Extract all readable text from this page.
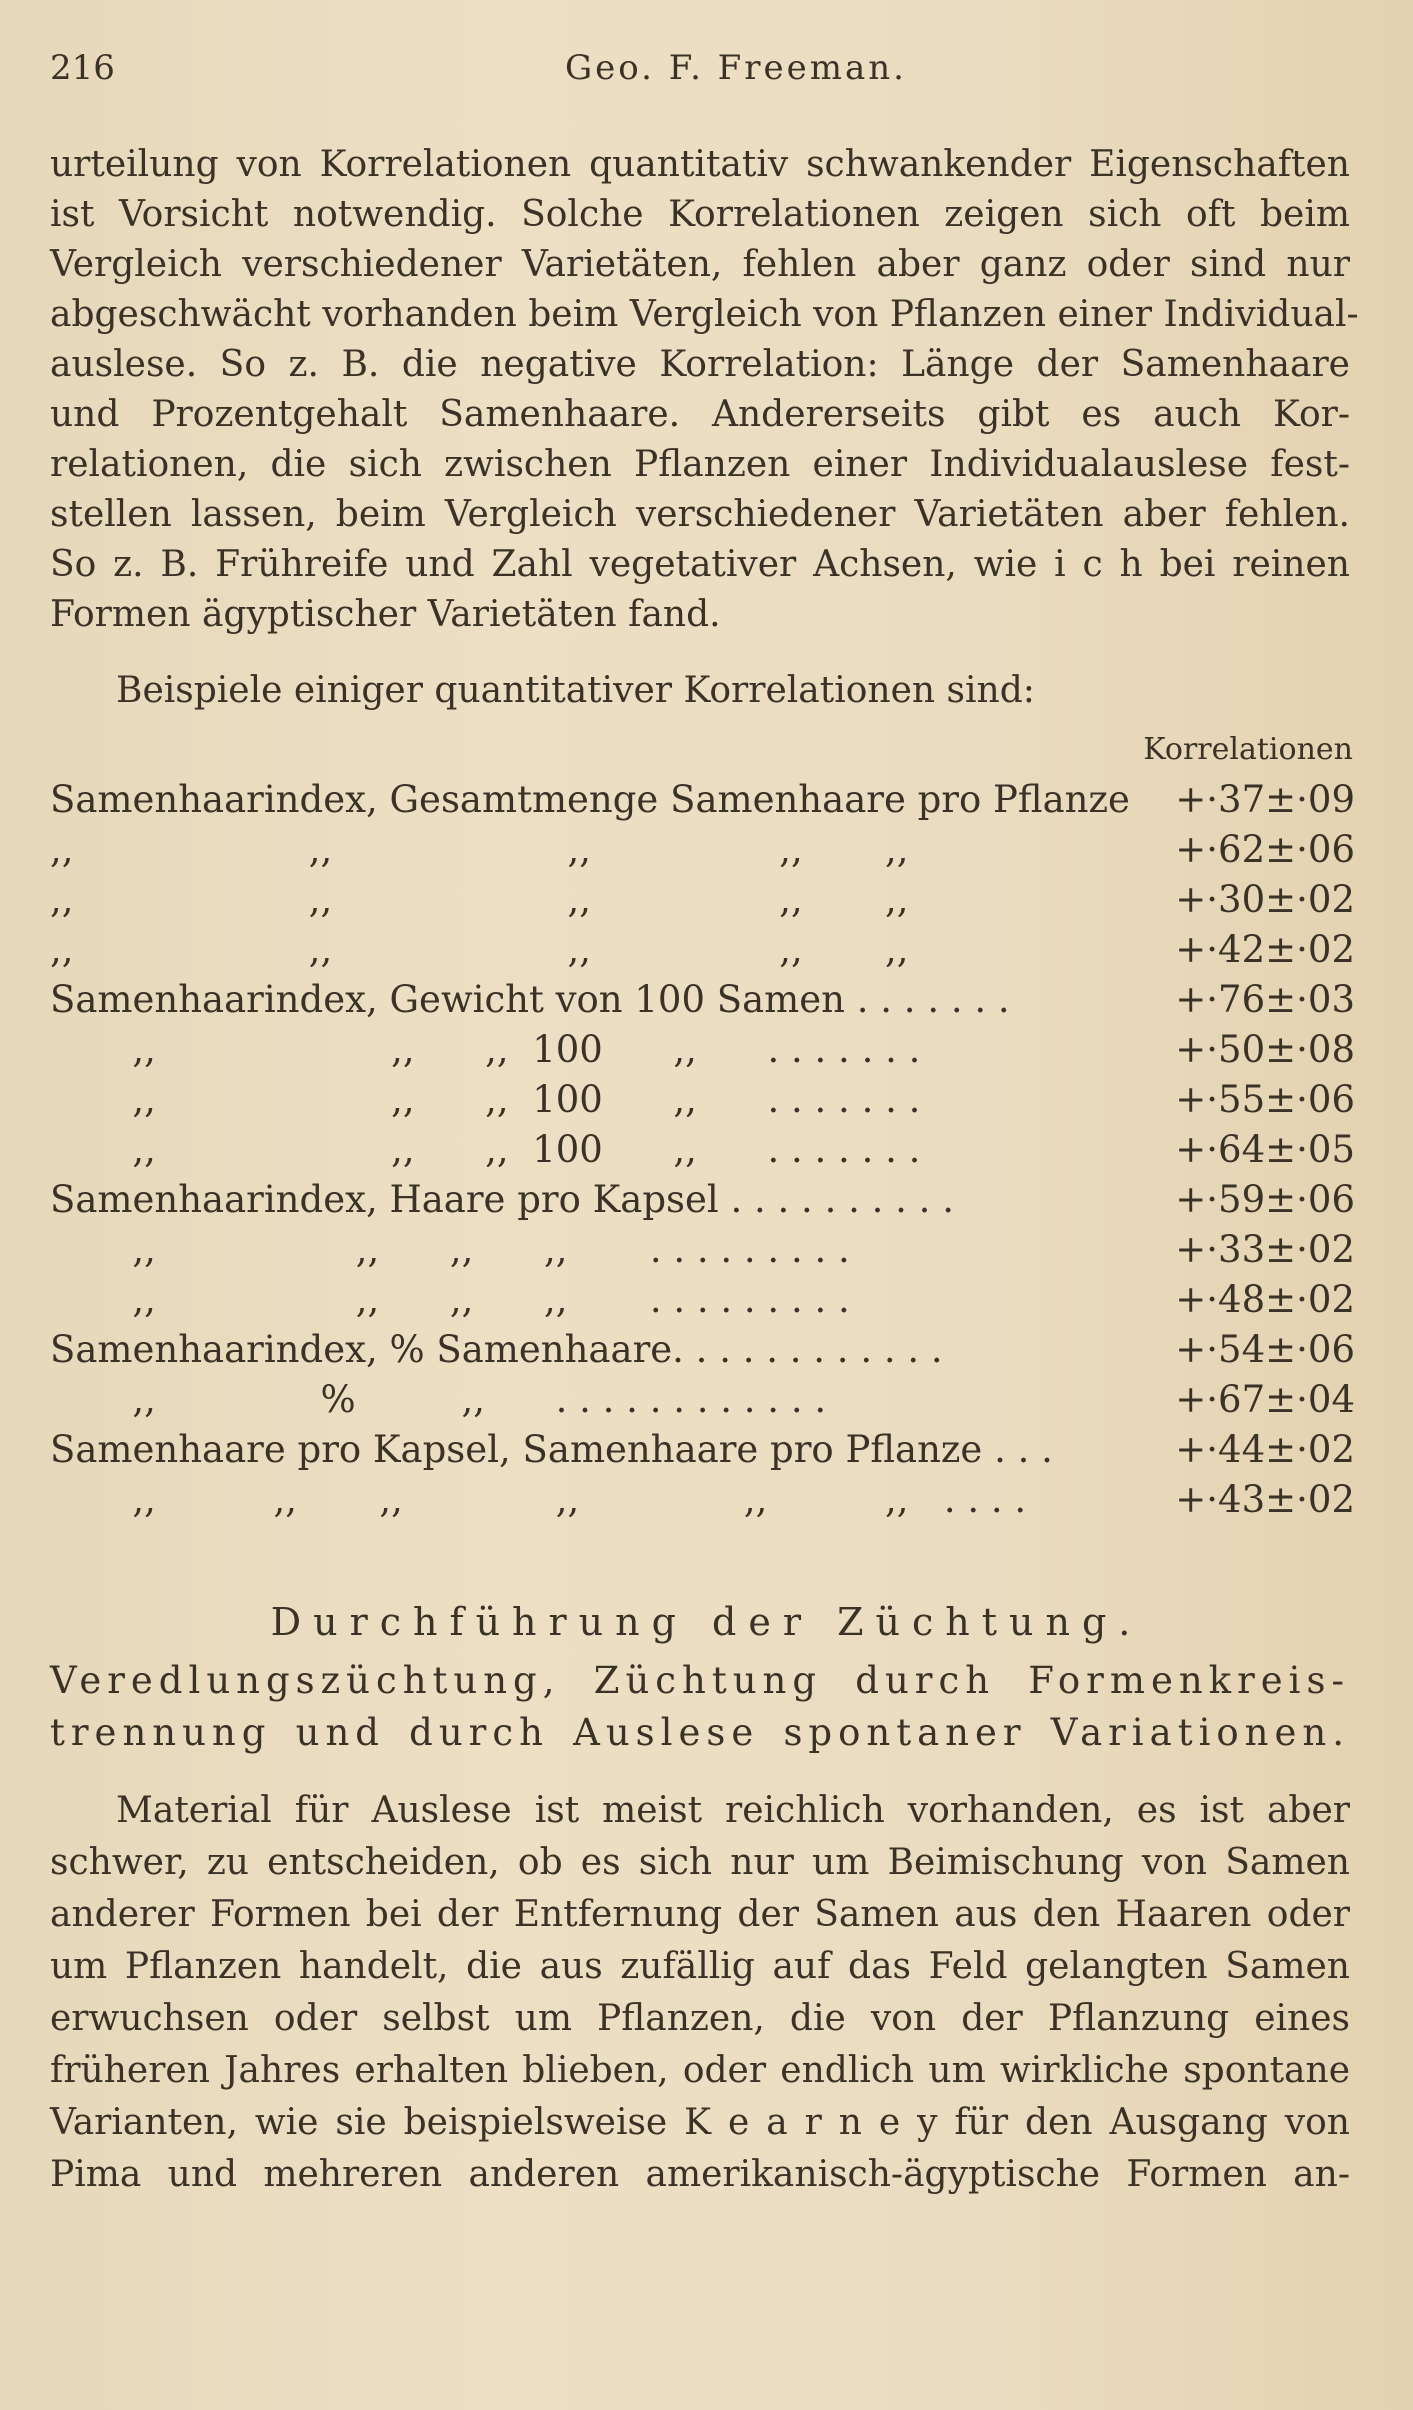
216	Geo. F. Freeman.
urteilung von Korrelationen quantitativ schwankender Eigenschaften
ist Vorsicht notwendig. Solche Korrelationen zeigen sich oft beim
Vergleich verschiedener Varietäten, fehlen aber ganz oder sind nur
abgeschwächt vorhanden beim Vergleich von Pflanzen einer Individual-
auslese. So z. B. die negative Korrelation: Länge der Samenhaare
und Prozentgehalt Samenhaare. Andererseits gibt es auch Kor-
relationen, die sich zwischen Pflanzen einer Individualauslese fest-
stellen lassen, beim Vergleich verschiedener Varietäten aber fehlen.
So z. B. Frühreife und Zahl vegetativer Achsen, wie i c h bei reinen
Formen ägyptischer Varietäten fand.
Beispiele einiger quantitativer Korrelationen sind:
Korrelationen
Samenhaarindex, Gesamtmenge Samenhaare pro Pflanze +·37±·09
,,                    ,,                    ,,                ,,       ,,	+·62±·06
,,                    ,,                    ,,                ,,       ,,	+·30±·02
,,                    ,,                    ,,                ,,       ,,	+·42±·02
Samenhaarindex, Gewicht von 100 Samen . . . . . . .	+·76±·03
,,                    ,,      ,,  100      ,,      . . . . . . .	+·50±·08
,,                    ,,      ,,  100      ,,      . . . . . . .	+·55±·06
,,                    ,,      ,,  100      ,,      . . . . . . .	+·64±·05
Samenhaarindex, Haare pro Kapsel . . . . . . . . . .	+·59±·06
,,                 ,,      ,,      ,,       . . . . . . . . .	+·33±·02
,,                 ,,      ,,      ,,       . . . . . . . . .	+·48±·02
Samenhaarindex, % Samenhaare. . . . . . . . . . . .	+·54±·06
,,              %         ,,      . . . . . . . . . . . .	+·67±·04
Samenhaare pro Kapsel, Samenhaare pro Pflanze . . .	+·44±·02
,,          ,,       ,,             ,,              ,,          ,,   . . . .	+·43±·02
Durchführung der Züchtung.
Veredlungszüchtung, Züchtung durch Formenkreis-
trennung und durch Auslese spontaner Variationen.
Material für Auslese ist meist reichlich vorhanden, es ist aber
schwer, zu entscheiden, ob es sich nur um Beimischung von Samen
anderer Formen bei der Entfernung der Samen aus den Haaren oder
um Pflanzen handelt, die aus zufällig auf das Feld gelangten Samen
erwuchsen oder selbst um Pflanzen, die von der Pflanzung eines
früheren Jahres erhalten blieben, oder endlich um wirkliche spontane
Varianten, wie sie beispielsweise K e a r n e y für den Ausgang von
Pima und mehreren anderen amerikanisch-ägyptische Formen an-
